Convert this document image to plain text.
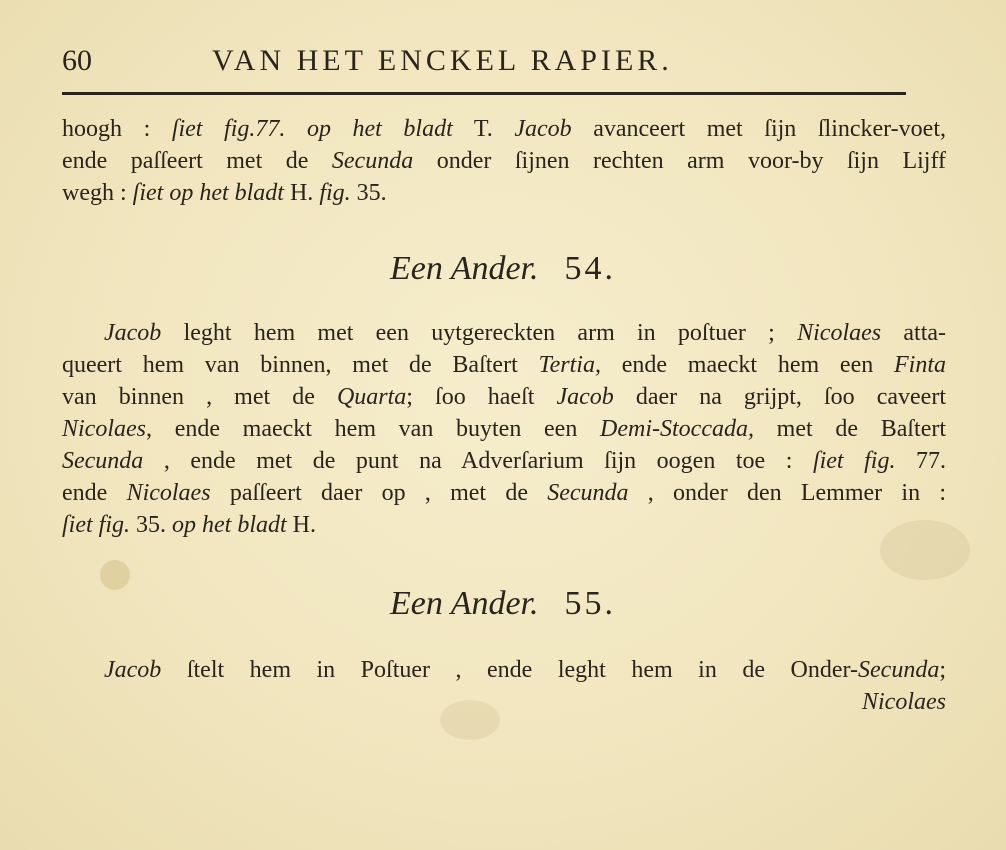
60	VAN HET ENCKEL RAPIER.
hoogh : ſiet fig.77. op het bladt T. Jacob avanceert met ſijn ſlincker-voet,
ende paſſeert met de Secunda onder ſijnen rechten arm voor-by ſijn Lijff
wegh : ſiet op het bladt H. fig. 35.
Een Ander. 54.
Jacob leght hem met een uytgereckten arm in poſtuer ; Nicolaes atta-
queert hem van binnen, met de Baſtert Tertia, ende maeckt hem een Finta
van binnen , met de Quarta; ſoo haeſt Jacob daer na grijpt, ſoo caveert
Nicolaes, ende maeckt hem van buyten een Demi-Stoccada, met de Baſtert
Secunda , ende met de punt na Adverſarium ſijn oogen toe : ſiet fig. 77.
ende Nicolaes paſſeert daer op , met de Secunda , onder den Lemmer in :
ſiet fig. 35. op het bladt H.
Een Ander. 55.
Jacob ſtelt hem in Poſtuer , ende leght hem in de Onder-Secunda;
Nicolaes
